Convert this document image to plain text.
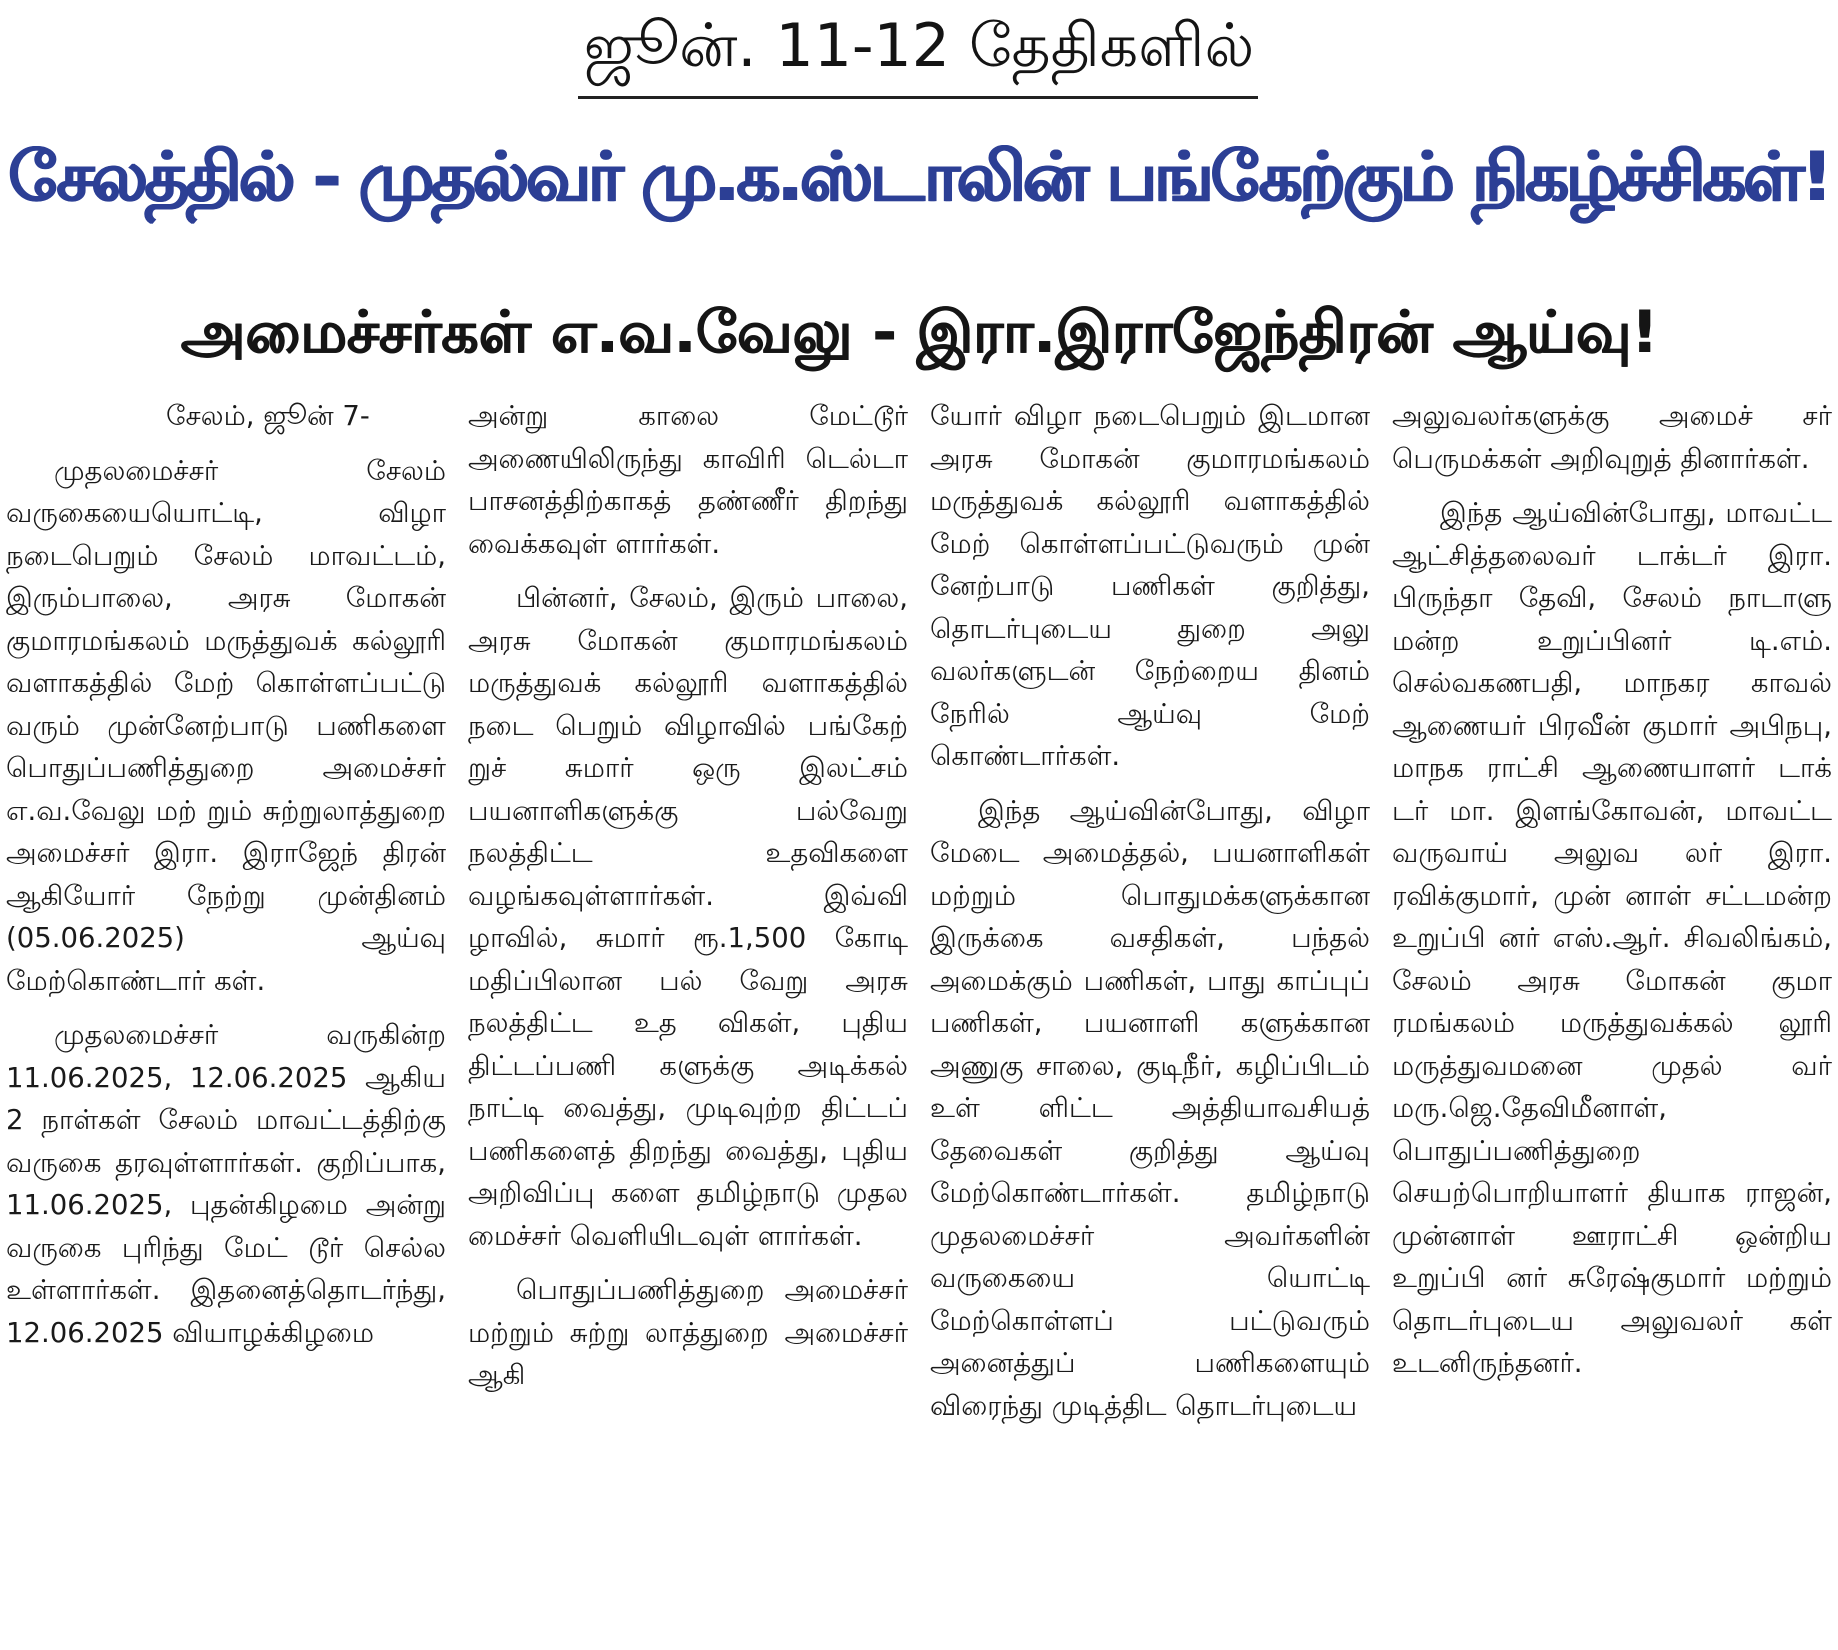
ஜூன். 11-12 தேதிகளில்
சேலத்தில் - முதல்வர் மு.க.ஸ்டாலின் பங்கேற்கும் நிகழ்ச்சிகள்!
அமைச்சர்கள் எ.வ.வேலு - இரா.இராஜேந்திரன் ஆய்வு!

சேலம், ஜூன் 7-

முதலமைச்சர் சேலம் வருகையையொட்டி, விழா நடைபெறும் சேலம் மாவட்டம், இரும்பாலை, அரசு மோகன் குமாரமங்கலம் மருத்துவக் கல்லூரி வளாகத்தில் மேற் கொள்ளப்பட்டு வரும் முன்னேற்பாடு பணிகளை பொதுப்பணித்துறை அமைச்சர் எ.வ.வேலு மற் றும் சுற்றுலாத்துறை அமைச்சர் இரா. இராஜேந் திரன் ஆகியோர் நேற்று முன்தினம் (05.06.2025) ஆய்வு மேற்கொண்டார் கள்.

முதலமைச்சர் வருகின்ற 11.06.2025, 12.06.2025 ஆகிய 2 நாள்கள் சேலம் மாவட்டத்திற்கு வருகை தரவுள்ளார்கள். குறிப்பாக, 11.06.2025, புதன்கிழமை அன்று வருகை புரிந்து மேட் டூர் செல்ல உள்ளார்கள். இதனைத்தொடர்ந்து, 12.06.2025 வியாழக்கிழமை

அன்று காலை மேட்டூர் அணையிலிருந்து காவிரி டெல்டா பாசனத்திற்காகத் தண்ணீர் திறந்து வைக்கவுள் ளார்கள்.

பின்னர், சேலம், இரும் பாலை, அரசு மோகன் குமாரமங்கலம் மருத்துவக் கல்லூரி வளாகத்தில் நடை பெறும் விழாவில் பங்கேற் றுச் சுமார் ஒரு இலட்சம் பயனாளிகளுக்கு பல்வேறு நலத்திட்ட உதவிகளை வழங்கவுள்ளார்கள். இவ்வி ழாவில், சுமார் ரூ.1,500 கோடி மதிப்பிலான பல் வேறு அரசு நலத்திட்ட உத விகள், புதிய திட்டப்பணி களுக்கு அடிக்கல் நாட்டி வைத்து, முடிவுற்ற திட்டப் பணிகளைத் திறந்து வைத்து, புதிய அறிவிப்பு களை தமிழ்நாடு முதல மைச்சர் வெளியிடவுள் ளார்கள்.

பொதுப்பணித்துறை அமைச்சர் மற்றும் சுற்று லாத்துறை அமைச்சர் ஆகி

யோர் விழா நடைபெறும் இடமான அரசு மோகன் குமாரமங்கலம் மருத்துவக் கல்லூரி வளாகத்தில் மேற் கொள்ளப்பட்டுவரும் முன் னேற்பாடு பணிகள் குறித்து, தொடர்புடைய துறை அலு வலர்களுடன் நேற்றைய தினம் நேரில் ஆய்வு மேற் கொண்டார்கள்.

இந்த ஆய்வின்போது, விழா மேடை அமைத்தல், பயனாளிகள் மற்றும் பொதுமக்களுக்கான இருக்கை வசதிகள், பந்தல் அமைக்கும் பணிகள், பாது காப்புப் பணிகள், பயனாளி களுக்கான அணுகு சாலை, குடிநீர், கழிப்பிடம் உள் ளிட்ட அத்தியாவசியத் தேவைகள் குறித்து ஆய்வு மேற்கொண்டார்கள். தமிழ்நாடு முதலமைச்சர் அவர்களின் வருகையை யொட்டி மேற்கொள்ளப் பட்டுவரும் அனைத்துப் பணிகளையும் விரைந்து முடித்திட தொடர்புடைய

அலுவலர்களுக்கு அமைச் சர் பெருமக்கள் அறிவுறுத் தினார்கள்.

இந்த ஆய்வின்போது, மாவட்ட ஆட்சித்தலைவர் டாக்டர் இரா. பிருந்தா தேவி, சேலம் நாடாளு மன்ற உறுப்பினர் டி.எம். செல்வகணபதி, மாநகர காவல் ஆணையர் பிரவீன் குமார் அபிநபு, மாநக ராட்சி ஆணையாளர் டாக் டர் மா. இளங்கோவன், மாவட்ட வருவாய் அலுவ லர் இரா. ரவிக்குமார், முன் னாள் சட்டமன்ற உறுப்பி னர் எஸ்.ஆர். சிவலிங்கம், சேலம் அரசு மோகன் குமா ரமங்கலம் மருத்துவக்கல் லூரி மருத்துவமனை முதல் வர் மரு.ஜெ.தேவிமீனாள், பொதுப்பணித்துறை செயற்பொறியாளர் தியாக ராஜன், முன்னாள் ஊராட்சி ஒன்றிய உறுப்பி னர் சுரேஷ்குமார் மற்றும் தொடர்புடைய அலுவலர் கள் உடனிருந்தனர்.
